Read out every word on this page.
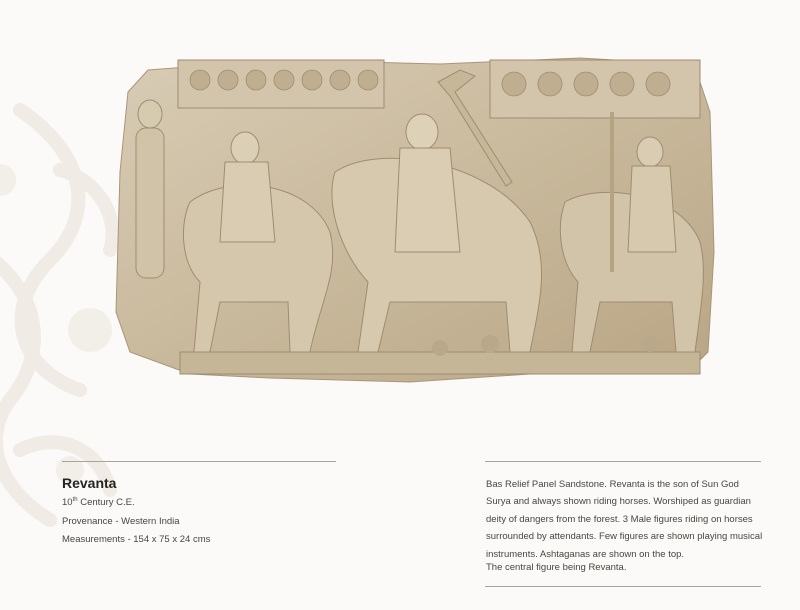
Revanta
10th Century C.E.
Provenance - Western India
Measurements - 154 x 75 x 24 cms

Bas Relief Panel Sandstone. Revanta is the son of Sun God Surya and always shown riding horses. Worshiped as guardian deity of dangers from the forest. 3 Male figures riding on horses surrounded by attendants. Few figures are shown playing musical instruments. Ashtaganas are shown on the top.

The central figure being Revanta.
